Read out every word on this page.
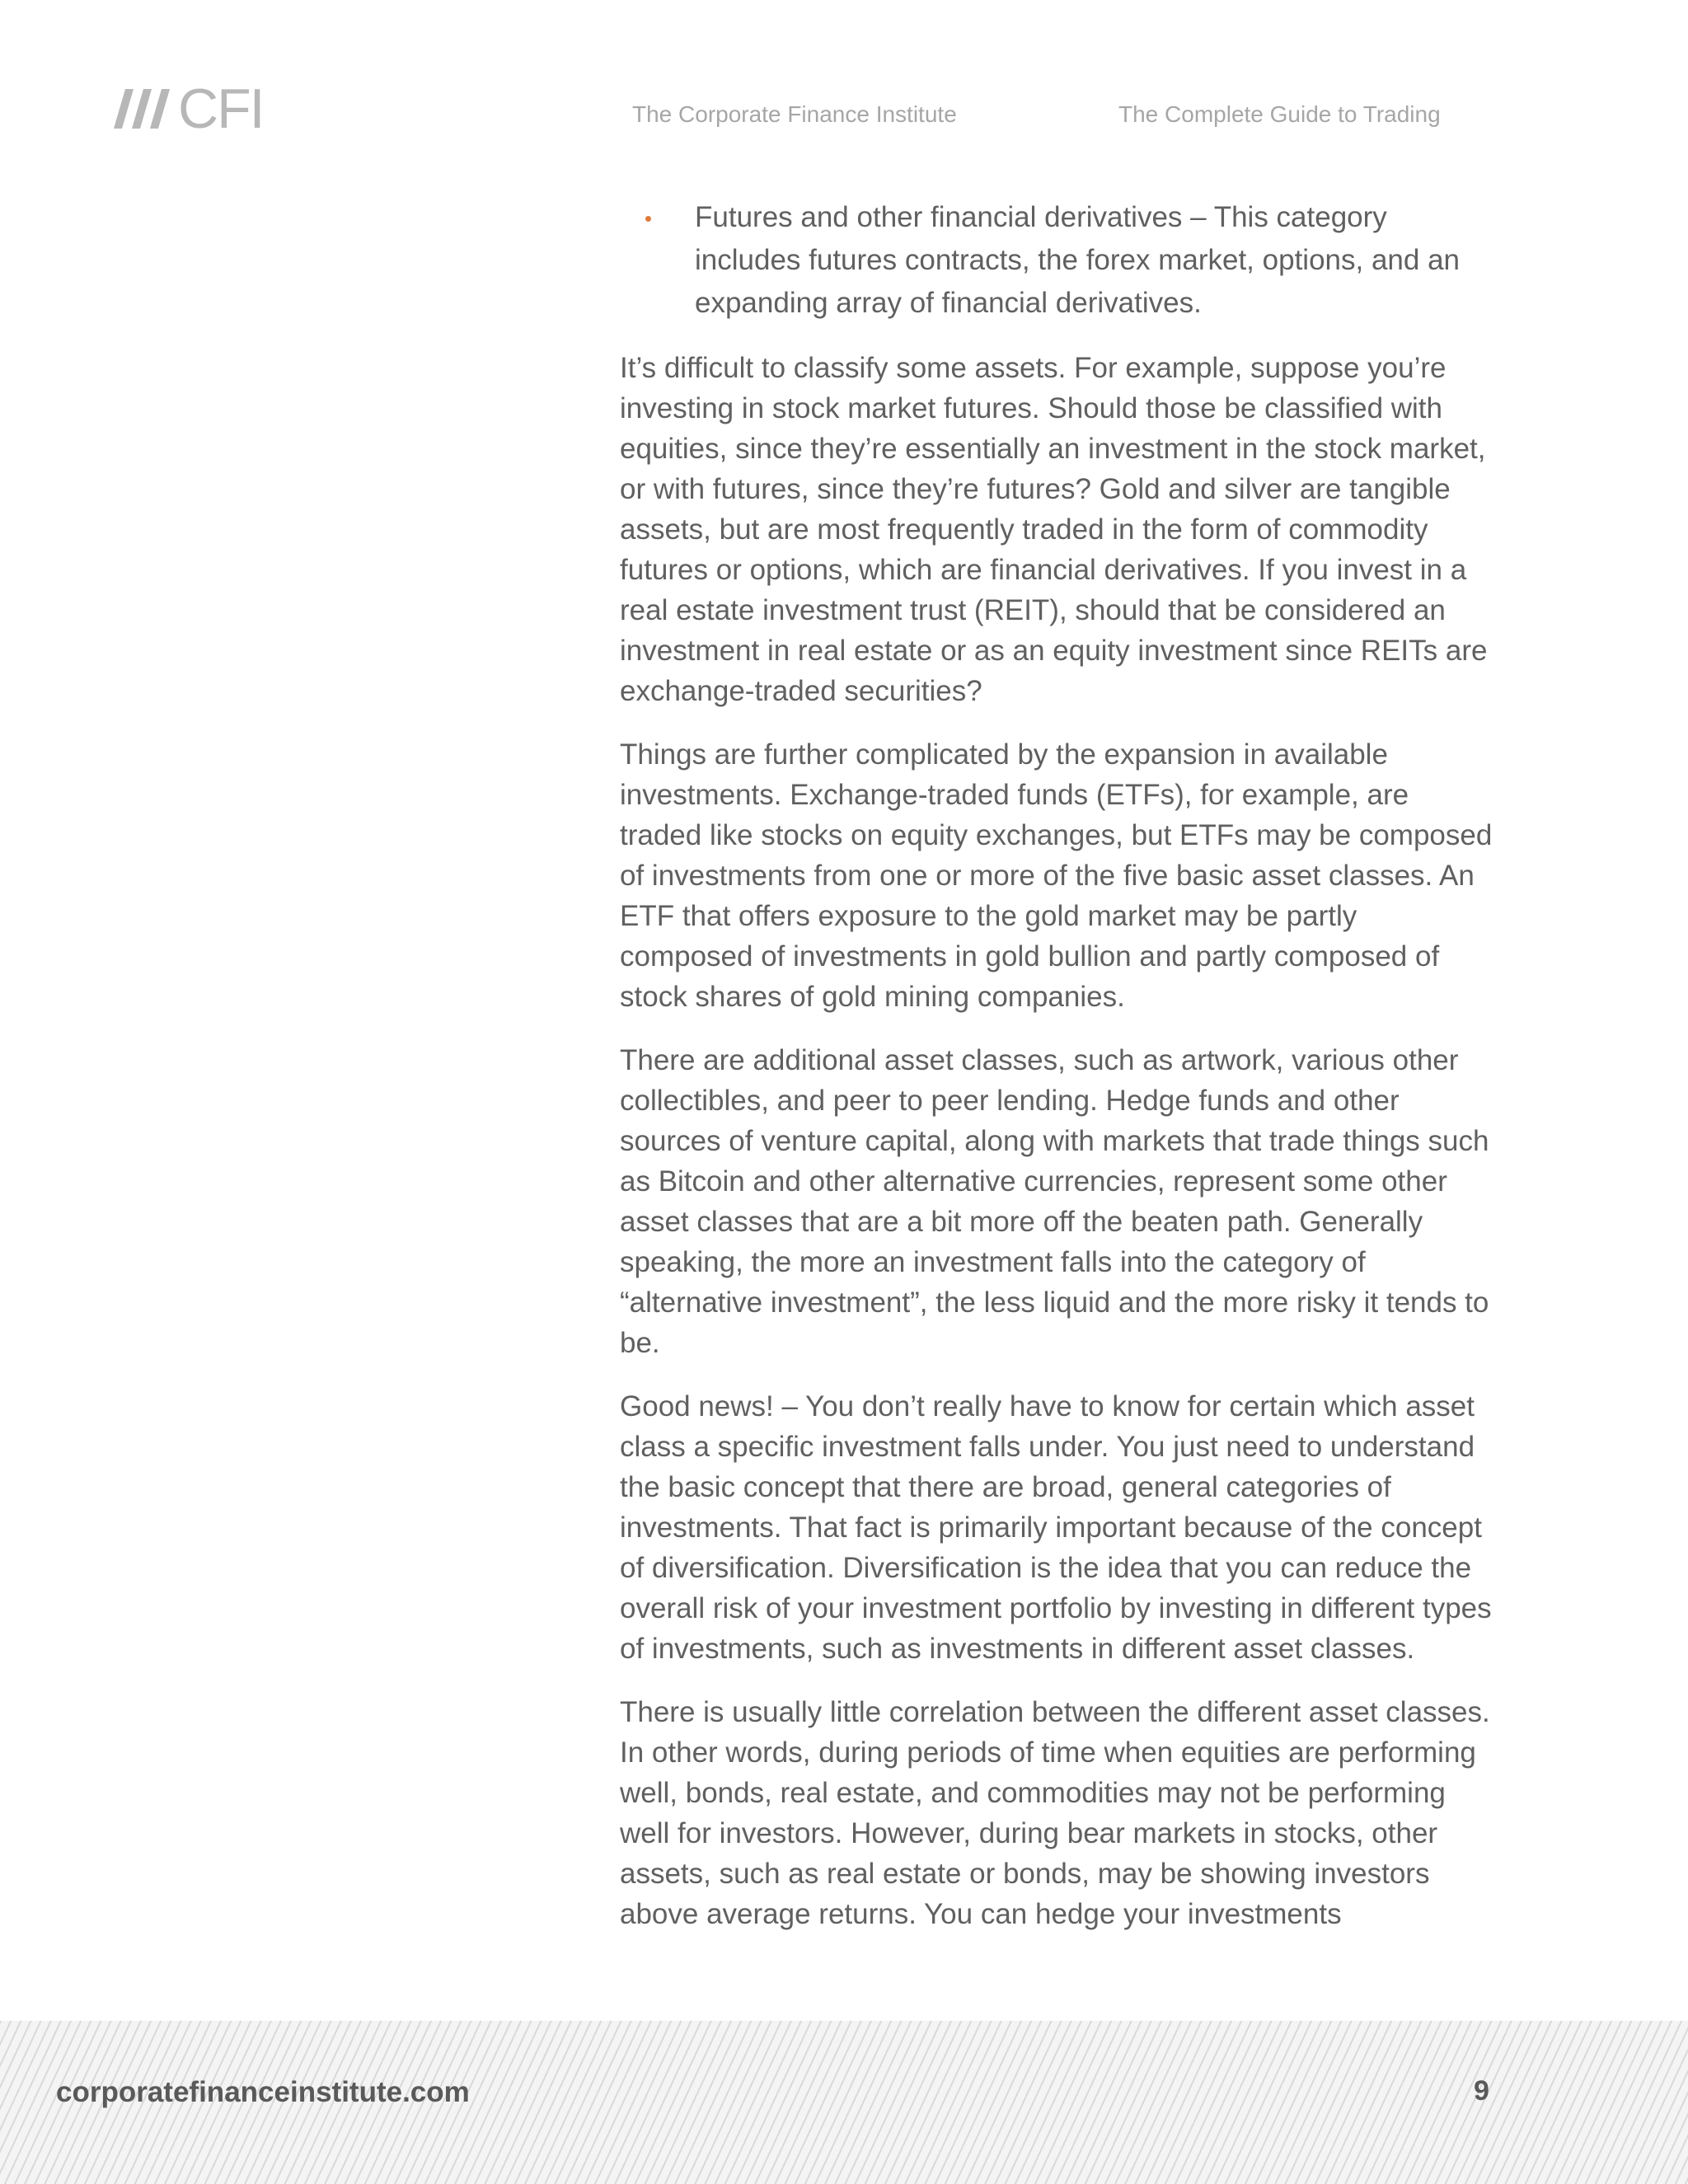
CFI	The Corporate Finance Institute	The Complete Guide to Trading
Futures and other financial derivatives – This category includes futures contracts, the forex market, options, and an expanding array of financial derivatives.

It’s difficult to classify some assets. For example, suppose you’re investing in stock market futures. Should those be classified with equities, since they’re essentially an investment in the stock market, or with futures, since they’re futures? Gold and silver are tangible assets, but are most frequently traded in the form of commodity futures or options, which are financial derivatives. If you invest in a real estate investment trust (REIT), should that be considered an investment in real estate or as an equity investment since REITs are exchange-traded securities?

Things are further complicated by the expansion in available investments. Exchange-traded funds (ETFs), for example, are traded like stocks on equity exchanges, but ETFs may be composed of investments from one or more of the five basic asset classes. An ETF that offers exposure to the gold market may be partly composed of investments in gold bullion and partly composed of stock shares of gold mining companies.

There are additional asset classes, such as artwork, various other collectibles, and peer to peer lending. Hedge funds and other sources of venture capital, along with markets that trade things such as Bitcoin and other alternative currencies, represent some other asset classes that are a bit more off the beaten path. Generally speaking, the more an investment falls into the category of “alternative investment”, the less liquid and the more risky it tends to be.

Good news! – You don’t really have to know for certain which asset class a specific investment falls under. You just need to understand the basic concept that there are broad, general categories of investments. That fact is primarily important because of the concept of diversification. Diversification is the idea that you can reduce the overall risk of your investment portfolio by investing in different types of investments, such as investments in different asset classes.

There is usually little correlation between the different asset classes. In other words, during periods of time when equities are performing well, bonds, real estate, and commodities may not be performing well for investors. However, during bear markets in stocks, other assets, such as real estate or bonds, may be showing investors above average returns. You can hedge your investments

corporatefinanceinstitute.com	9
